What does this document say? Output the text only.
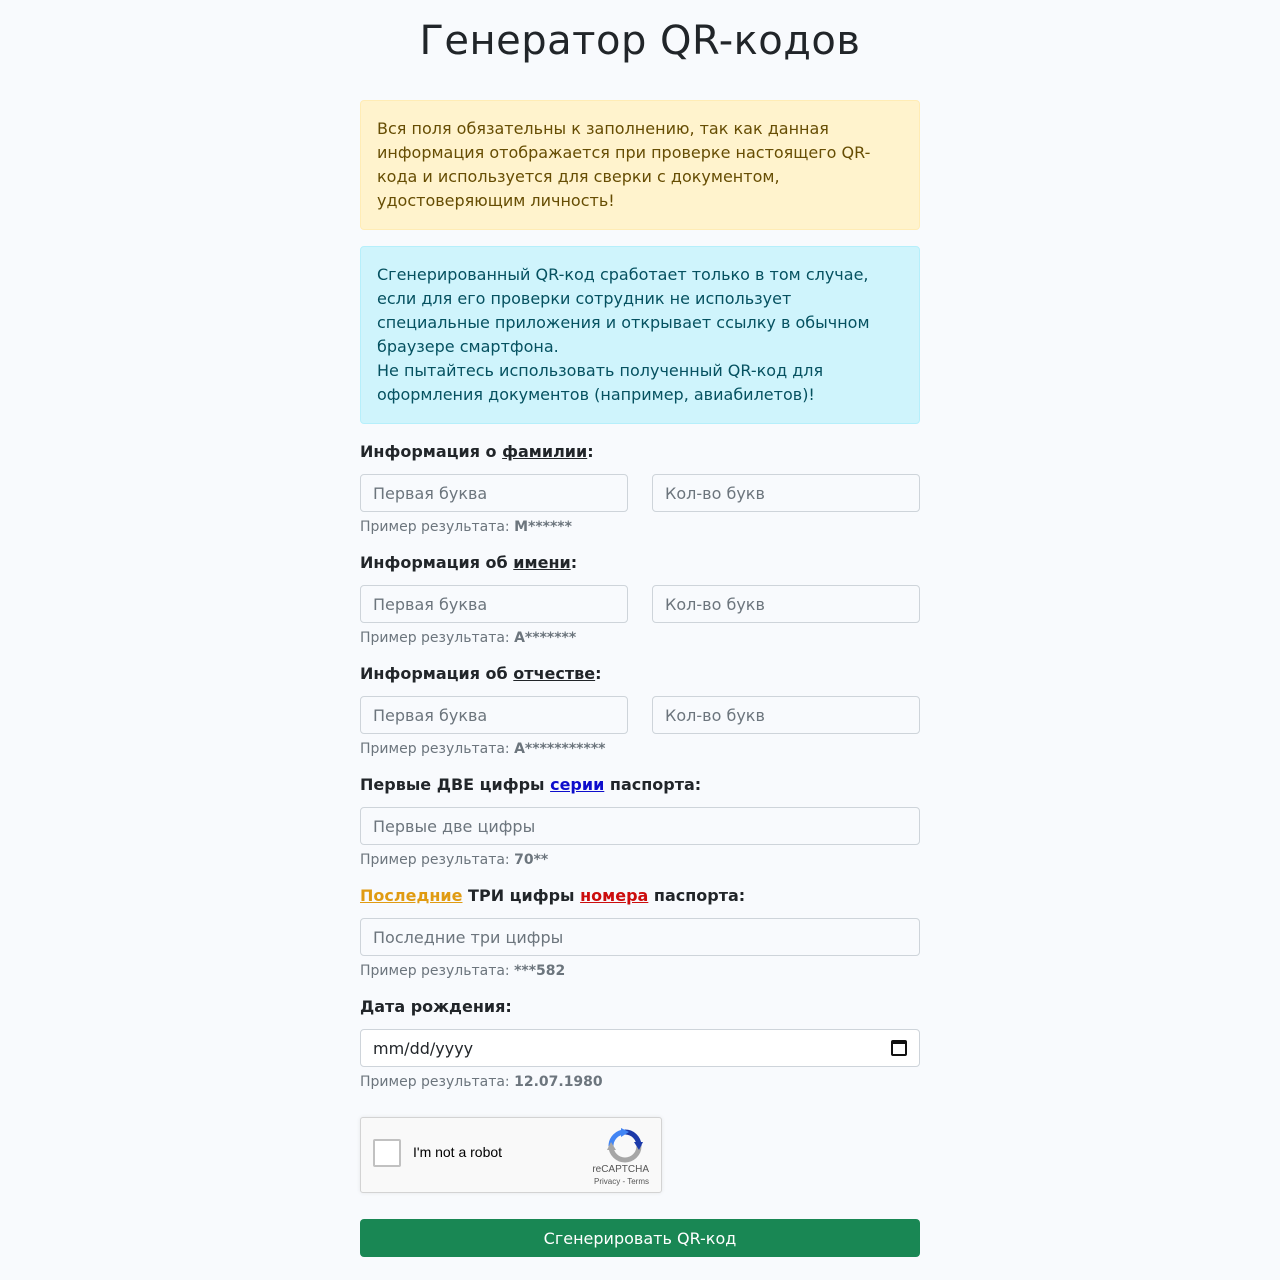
Генератор QR-кодов

Вся поля обязательны к заполнению, так как данная информация отображается при проверке настоящего QR-кода и используется для сверки с документом, удостоверяющим личность!

Сгенерированный QR-код сработает только в том случае, если для его проверки сотрудник не использует специальные приложения и открывает ссылку в обычном браузере смартфона.

Не пытайтесь использовать полученный QR-код для оформления документов (например, авиабилетов)!

Информация о фамилии:
Первая буква
Кол-во букв
Пример результата: М******
Информация об имени:
Первая буква
Кол-во букв
Пример результата: А*******
Информация об отчестве:
Первая буква
Кол-во букв
Пример результата: А***********
Первые ДВЕ цифры серии паспорта:
Первые две цифры
Пример результата: 70**
Последние ТРИ цифры номера паспорта:
Последние три цифры
Пример результата: ***582
Дата рождения:
mm/dd/yyyy
Пример результата: 12.07.1980
I'm not a robot
reCAPTCHA
Privacy - Terms
Сгенерировать QR-код
